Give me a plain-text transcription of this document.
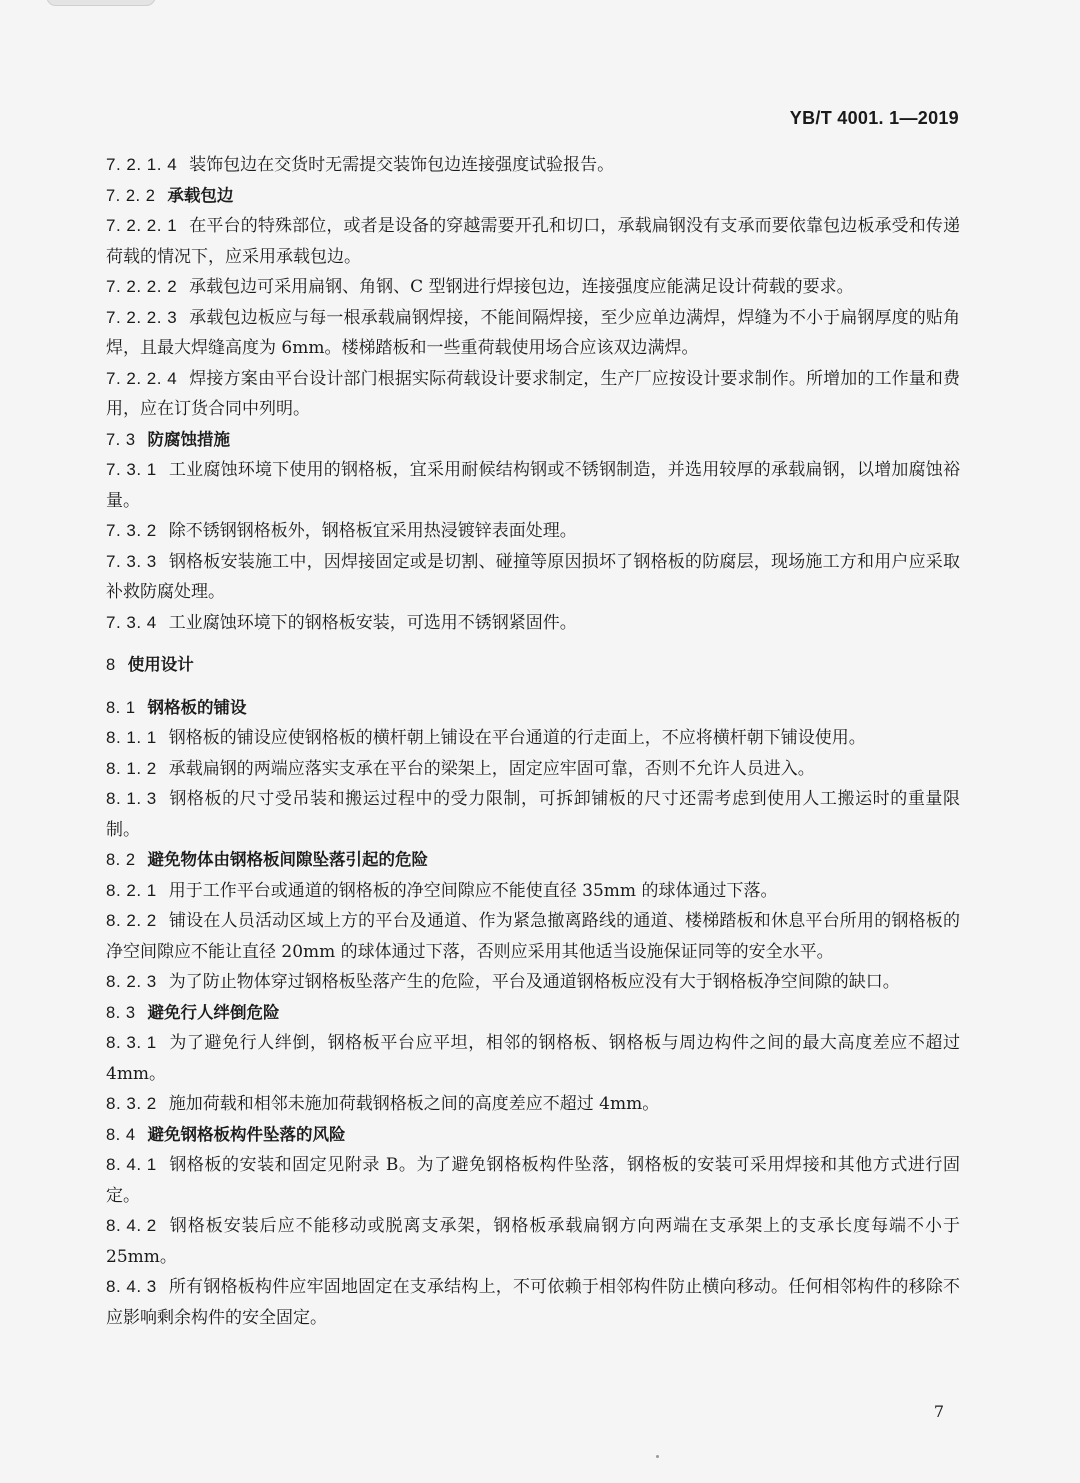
YB/T 4001. 1—2019

7. 2. 1. 4 装饰包边在交货时无需提交装饰包边连接强度试验报告。

7. 2. 2 承载包边

7. 2. 2. 1 在平台的特殊部位，或者是设备的穿越需要开孔和切口，承载扁钢没有支承而要依靠包边板承受和传递荷载的情况下，应采用承载包边。

7. 2. 2. 2 承载包边可采用扁钢、角钢、C 型钢进行焊接包边，连接强度应能满足设计荷载的要求。

7. 2. 2. 3 承载包边板应与每一根承载扁钢焊接，不能间隔焊接，至少应单边满焊，焊缝为不小于扁钢厚度的贴角焊，且最大焊缝高度为 6mm。楼梯踏板和一些重荷载使用场合应该双边满焊。

7. 2. 2. 4 焊接方案由平台设计部门根据实际荷载设计要求制定，生产厂应按设计要求制作。所增加的工作量和费用，应在订货合同中列明。

7. 3 防腐蚀措施

7. 3. 1 工业腐蚀环境下使用的钢格板，宜采用耐候结构钢或不锈钢制造，并选用较厚的承载扁钢，以增加腐蚀裕量。

7. 3. 2 除不锈钢钢格板外，钢格板宜采用热浸镀锌表面处理。

7. 3. 3 钢格板安装施工中，因焊接固定或是切割、碰撞等原因损坏了钢格板的防腐层，现场施工方和用户应采取补救防腐处理。

7. 3. 4 工业腐蚀环境下的钢格板安装，可选用不锈钢紧固件。

8 使用设计

8. 1 钢格板的铺设

8. 1. 1 钢格板的铺设应使钢格板的横杆朝上铺设在平台通道的行走面上，不应将横杆朝下铺设使用。

8. 1. 2 承载扁钢的两端应落实支承在平台的梁架上，固定应牢固可靠，否则不允许人员进入。

8. 1. 3 钢格板的尺寸受吊装和搬运过程中的受力限制，可拆卸铺板的尺寸还需考虑到使用人工搬运时的重量限制。

8. 2 避免物体由钢格板间隙坠落引起的危险

8. 2. 1 用于工作平台或通道的钢格板的净空间隙应不能使直径 35mm 的球体通过下落。

8. 2. 2 铺设在人员活动区域上方的平台及通道、作为紧急撤离路线的通道、楼梯踏板和休息平台所用的钢格板的净空间隙应不能让直径 20mm 的球体通过下落，否则应采用其他适当设施保证同等的安全水平。

8. 2. 3 为了防止物体穿过钢格板坠落产生的危险，平台及通道钢格板应没有大于钢格板净空间隙的缺口。

8. 3 避免行人绊倒危险

8. 3. 1 为了避免行人绊倒，钢格板平台应平坦，相邻的钢格板、钢格板与周边构件之间的最大高度差应不超过 4mm。

8. 3. 2 施加荷载和相邻未施加荷载钢格板之间的高度差应不超过 4mm。

8. 4 避免钢格板构件坠落的风险

8. 4. 1 钢格板的安装和固定见附录 B。为了避免钢格板构件坠落，钢格板的安装可采用焊接和其他方式进行固定。

8. 4. 2 钢格板安装后应不能移动或脱离支承架，钢格板承载扁钢方向两端在支承架上的支承长度每端不小于 25mm。

8. 4. 3 所有钢格板构件应牢固地固定在支承结构上，不可依赖于相邻构件防止横向移动。任何相邻构件的移除不应影响剩余构件的安全固定。

7
